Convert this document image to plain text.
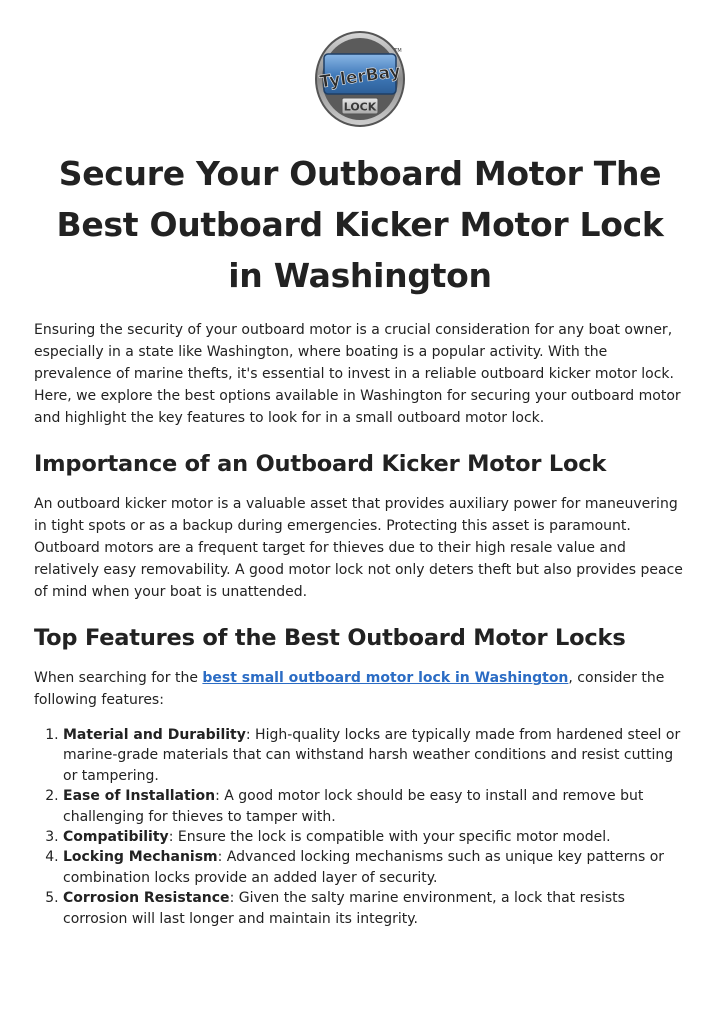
TylerBay
LOCK
TM
Secure Your Outboard Motor The Best Outboard Kicker Motor Lock in Washington

Ensuring the security of your outboard motor is a crucial consideration for any boat owner, especially in a state like Washington, where boating is a popular activity. With the prevalence of marine thefts, it's essential to invest in a reliable outboard kicker motor lock. Here, we explore the best options available in Washington for securing your outboard motor and highlight the key features to look for in a small outboard motor lock.

Importance of an Outboard Kicker Motor Lock

An outboard kicker motor is a valuable asset that provides auxiliary power for maneuvering in tight spots or as a backup during emergencies. Protecting this asset is paramount. Outboard motors are a frequent target for thieves due to their high resale value and relatively easy removability. A good motor lock not only deters theft but also provides peace of mind when your boat is unattended.

Top Features of the Best Outboard Motor Locks

When searching for the best small outboard motor lock in Washington, consider the following features:

1. Material and Durability: High-quality locks are typically made from hardened steel or marine-grade materials that can withstand harsh weather conditions and resist cutting or tampering.
2. Ease of Installation: A good motor lock should be easy to install and remove but challenging for thieves to tamper with.
3. Compatibility: Ensure the lock is compatible with your specific motor model.
4. Locking Mechanism: Advanced locking mechanisms such as unique key patterns or combination locks provide an added layer of security.
5. Corrosion Resistance: Given the salty marine environment, a lock that resists corrosion will last longer and maintain its integrity.
